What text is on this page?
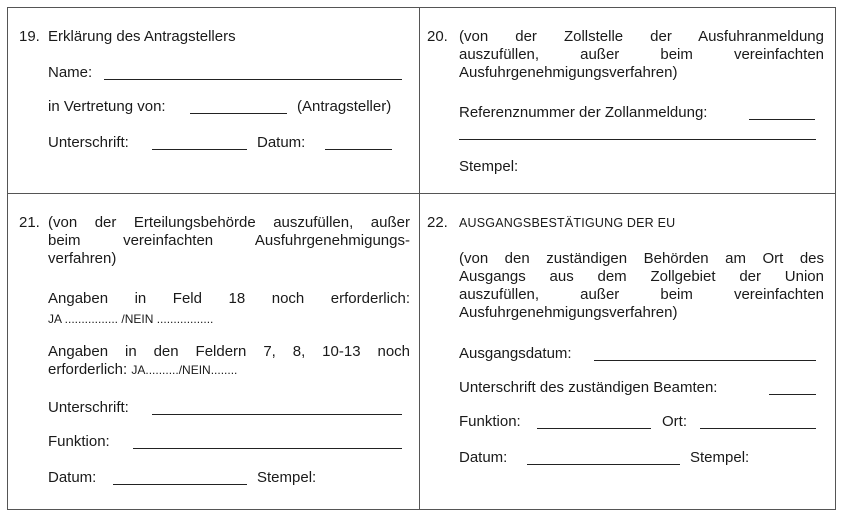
19. Erklärung des Antragstellers
Name:
in Vertretung von:	(Antragsteller)
Unterschrift:	Datum:
20. (von der Zollstelle der Ausfuhranmeldung
auszufüllen, außer beim vereinfachten
Ausfuhrgenehmigungsverfahren)
Referenznummer der Zollanmeldung:
Stempel:
21. (von der Erteilungsbehörde auszufüllen, außer
beim vereinfachten Ausfuhrgenehmigungs-
verfahren)
Angaben in Feld 18 noch erforderlich:
JA ................ /NEIN .................
Angaben in den Feldern 7, 8, 10-13 noch
erforderlich: JA........../NEIN........
Unterschrift:
Funktion:
Datum:	Stempel:
22. AUSGANGSBESTÄTIGUNG DER EU
(von den zuständigen Behörden am Ort des
Ausgangs aus dem Zollgebiet der Union
auszufüllen, außer beim vereinfachten
Ausfuhrgenehmigungsverfahren)
Ausgangsdatum:
Unterschrift des zuständigen Beamten:
Funktion:	Ort:
Datum:	Stempel:
